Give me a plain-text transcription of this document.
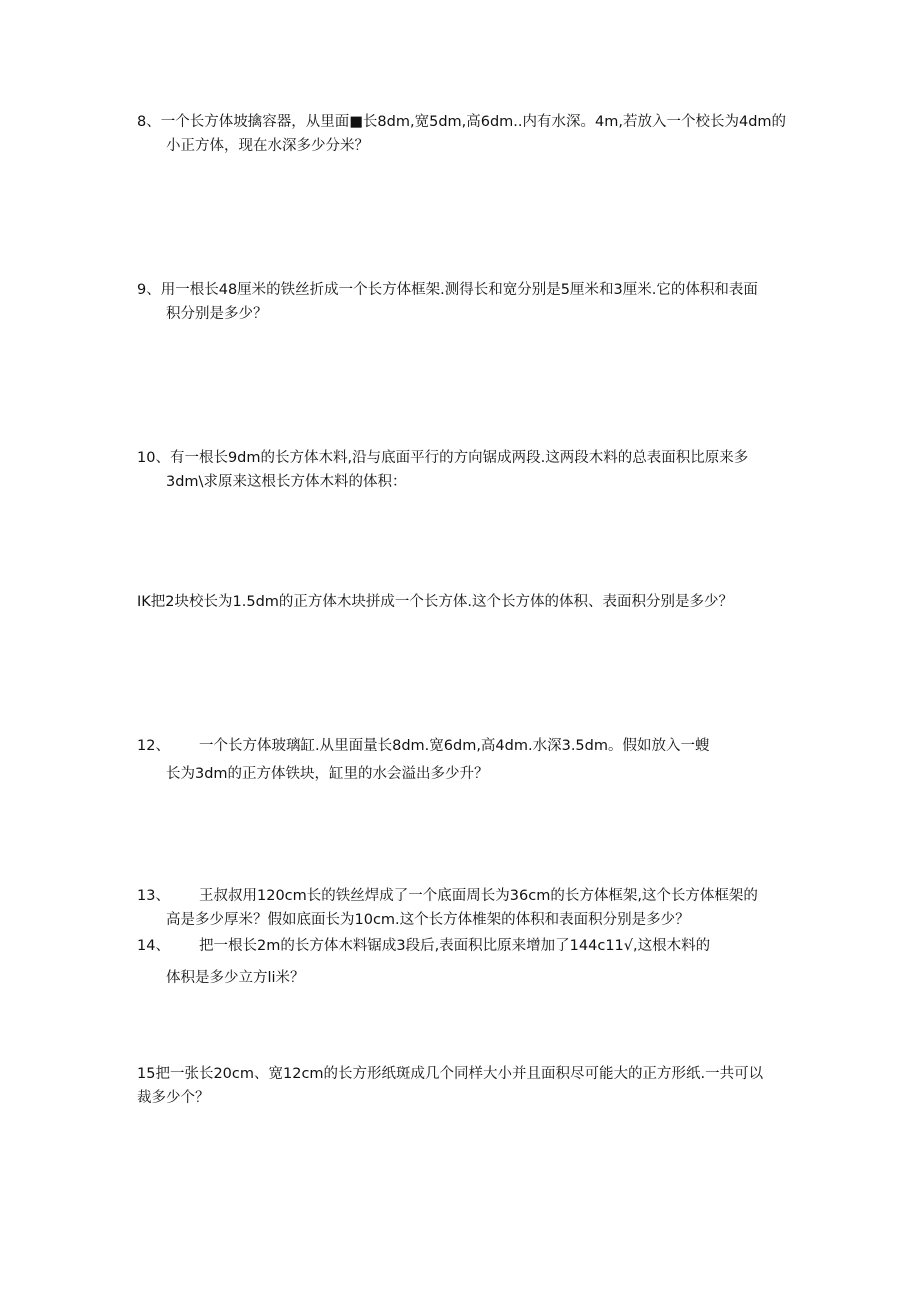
8、一个长方体坡擒容器，从里面■长8dm,宽5dm,高6dm..内有水深。4m,若放入一个校长为4dm的
小正方体，现在水深多少分米？
9、用一根长48厘米的铁丝折成一个长方体框架.测得长和宽分别是5厘米和3厘米.它的体积和表面
积分别是多少？
10、有一根长9dm的长方体木料,沿与底面平行的方向锯成两段.这两段木料的总表面积比原来多
3dm\求原来这根长方体木料的体积：
IK把2块校长为1.5dm的正方体木块拼成一个长方体.这个长方体的体积、表面积分别是多少？
12、 一个长方体玻璃缸.从里面量长8dm.宽6dm,高4dm.水深3.5dm。假如放入一螋
长为3dm的正方体铁块，缸里的水会溢出多少升？
13、 王叔叔用120cm长的铁丝焊成了一个底面周长为36cm的长方体框架,这个长方体框架的
高是多少厚米？假如底面长为10cm.这个长方体椎架的体积和表面积分别是多少？
14、 把一根长2m的长方体木料锯成3段后,表面积比原来增加了144c11√,这根木料的
体积是多少立方li米？
15把一张长20cm、宽12cm的长方形纸斑成几个同样大小并且面积尽可能大的正方形纸.一共可以
裁多少个？
